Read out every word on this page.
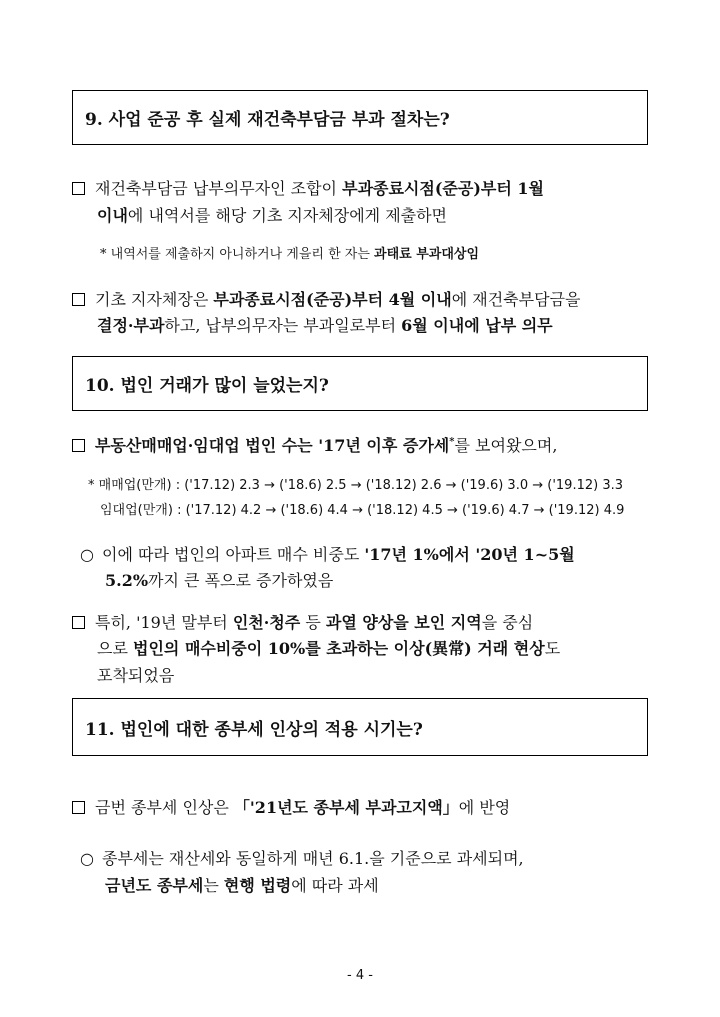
9. 사업 준공 후 실제 재건축부담금 부과 절차는?
재건축부담금 납부의무자인 조합이 부과종료시점(준공)부터 1월
이내에 내역서를 해당 기초 지자체장에게 제출하면
* 내역서를 제출하지 아니하거나 게을리 한 자는 과태료 부과대상임
기초 지자체장은 부과종료시점(준공)부터 4월 이내에 재건축부담금을
결정·부과하고, 납부의무자는 부과일로부터 6월 이내에 납부 의무
10. 법인 거래가 많이 늘었는지?
부동산매매업·임대업 법인 수는 '17년 이후 증가세*를 보여왔으며,
* 매매업(만개) : ('17.12) 2.3 → ('18.6) 2.5 → ('18.12) 2.6 → ('19.6) 3.0 → ('19.12) 3.3
임대업(만개) : ('17.12) 4.2 → ('18.6) 4.4 → ('18.12) 4.5 → ('19.6) 4.7 → ('19.12) 4.9
○ 이에 따라 법인의 아파트 매수 비중도 '17년 1%에서 '20년 1~5월
5.2%까지 큰 폭으로 증가하였음
특히, '19년 말부터 인천·청주 등 과열 양상을 보인 지역을 중심
으로 법인의 매수비중이 10%를 초과하는 이상(異常) 거래 현상도
포착되었음
11. 법인에 대한 종부세 인상의 적용 시기는?
금번 종부세 인상은 「'21년도 종부세 부과고지액」에 반영
○ 종부세는 재산세와 동일하게 매년 6.1.을 기준으로 과세되며,
금년도 종부세는 현행 법령에 따라 과세
- 4 -
